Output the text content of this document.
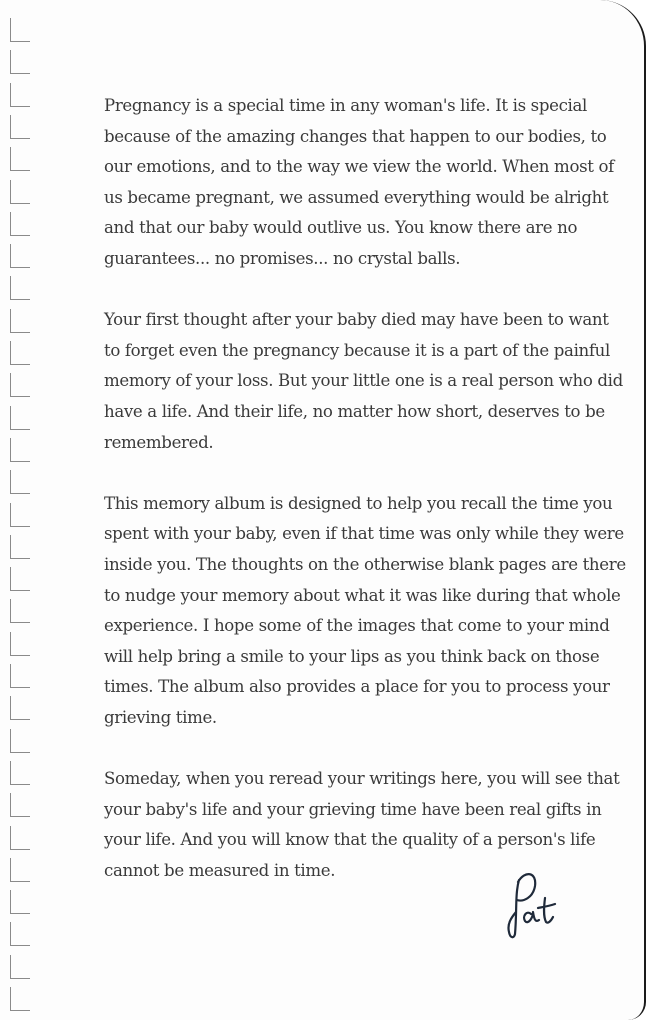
Pregnancy is a special time in any woman's life. It is special
because of the amazing changes that happen to our bodies, to
our emotions, and to the way we view the world. When most of
us became pregnant, we assumed everything would be alright
and that our baby would outlive us. You know there are no
guarantees... no promises... no crystal balls.

Your first thought after your baby died may have been to want
to forget even the pregnancy because it is a part of the painful
memory of your loss. But your little one is a real person who did
have a life. And their life, no matter how short, deserves to be
remembered.

This memory album is designed to help you recall the time you
spent with your baby, even if that time was only while they were
inside you. The thoughts on the otherwise blank pages are there
to nudge your memory about what it was like during that whole
experience. I hope some of the images that come to your mind
will help bring a smile to your lips as you think back on those
times. The album also provides a place for you to process your
grieving time.

Someday, when you reread your writings here, you will see that
your baby's life and your grieving time have been real gifts in
your life. And you will know that the quality of a person's life
cannot be measured in time.
